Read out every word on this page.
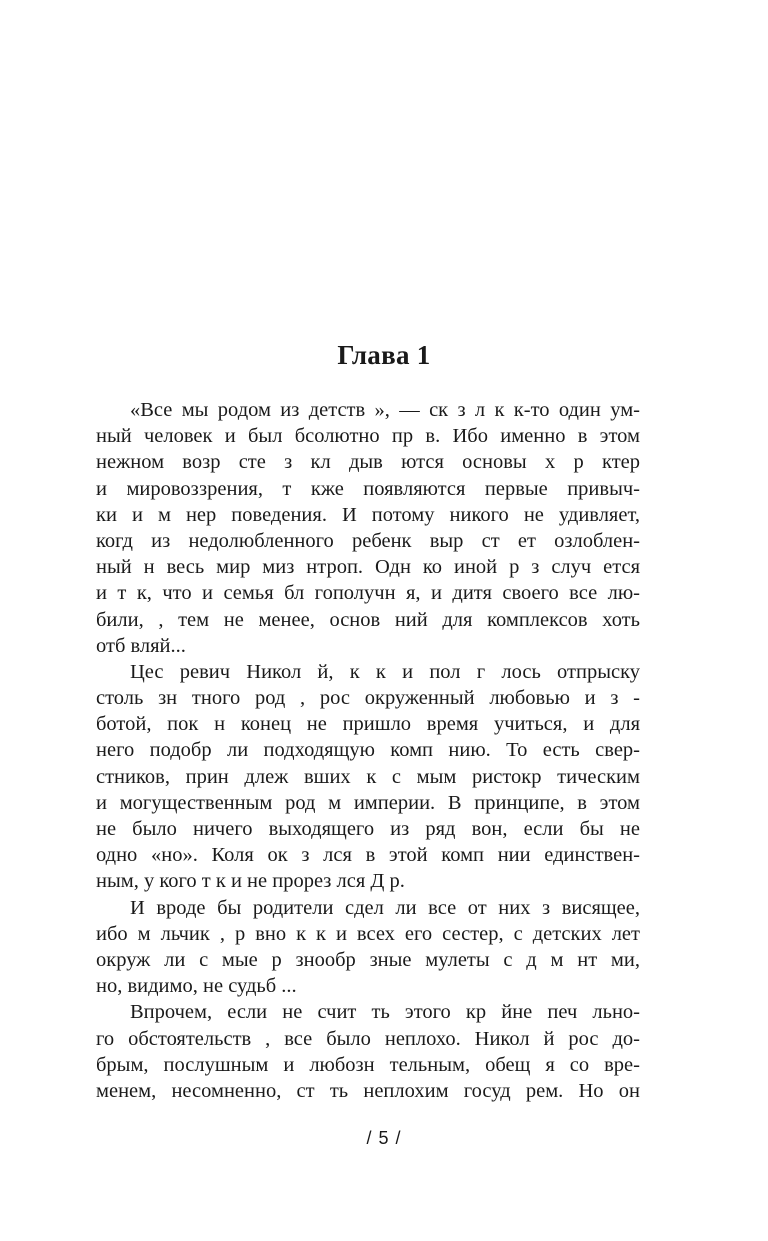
Глава 1

«Все мы родом из детств », — ск з л к к-то один ум-
ный человек и был бсолютно пр в. Ибо именно в этом
нежном возр сте з кл дыв ются основы х р ктер
и мировоззрения, т кже появляются первые привыч-
ки и м нер поведения. И потому никого не удивляет,
когд из недолюбленного ребенк выр ст ет озлоблен-
ный н весь мир миз нтроп. Одн ко иной р з случ ется
и т к, что и семья бл гополучн я, и дитя своего все лю-
били, , тем не менее, основ ний для комплексов хоть
отб вляй...

Цес ревич Никол й, к к и пол г лось отпрыску
столь зн тного род , рос окруженный любовью и з -
ботой, пок н конец не пришло время учиться, и для
него подобр ли подходящую комп нию. То есть свер-
стников, прин длеж вших к с мым ристокр тическим
и могущественным род м империи. В принципе, в этом
не было ничего выходящего из ряд вон, если бы не
одно «но». Коля ок з лся в этой комп нии единствен-
ным, у кого т к и не прорез лся Д р.

И вроде бы родители сдел ли все от них з висящее,
ибо м льчик , р вно к к и всех его сестер, с детских лет
окруж ли с мые р знообр зные мулеты с д м нт ми,
но, видимо, не судьб ...

Впрочем, если не счит ть этого кр йне печ льно-
го обстоятельств , все было неплохо. Никол й рос до-
брым, послушным и любозн тельным, обещ я со вре-
менем, несомненно, ст ть неплохим госуд рем. Но он

/ 5 /
